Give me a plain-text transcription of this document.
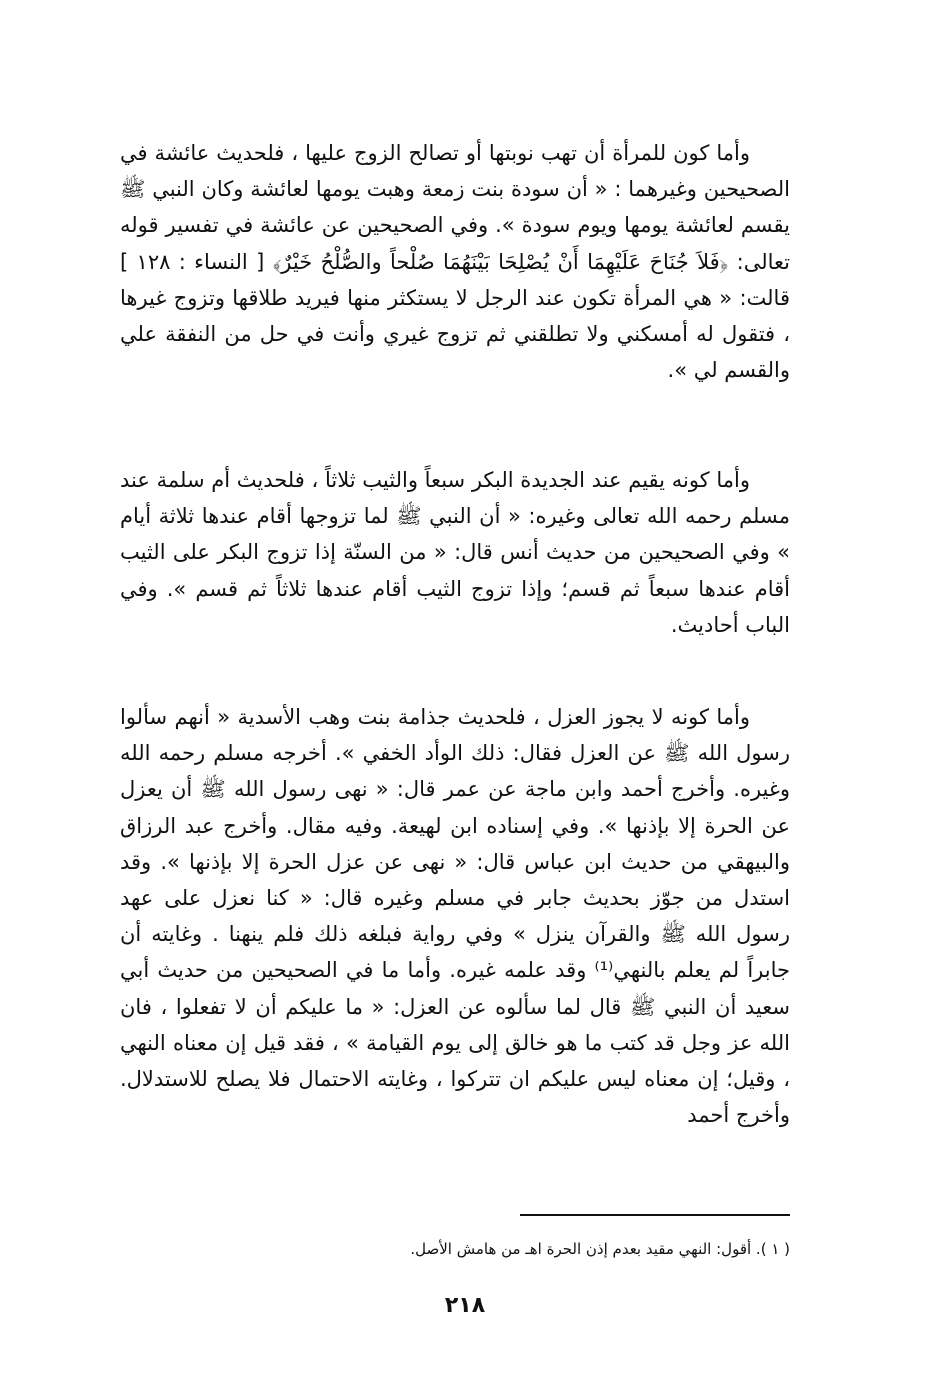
وأما كون للمرأة أن تهب نوبتها أو تصالح الزوج عليها ، فلحديث عائشة في الصحيحين وغيرهما : « أن سودة بنت زمعة وهبت يومها لعائشة وكان النبي ﷺ يقسم لعائشة يومها ويوم سودة ». وفي الصحيحين عن عائشة في تفسير قوله تعالى: ﴿فَلاَ جُنَاحَ عَلَيْهِمَا أَنْ يُصْلِحَا بَيْنَهُمَا صُلْحاً والصُّلْحُ خَيْرٌ﴾ [ النساء : ١٢٨ ] قالت: « هي المرأة تكون عند الرجل لا يستكثر منها فيريد طلاقها وتزوج غيرها ، فتقول له أمسكني ولا تطلقني ثم تزوج غيري وأنت في حل من النفقة علي والقسم لي ».

وأما كونه يقيم عند الجديدة البكر سبعاً والثيب ثلاثاً ، فلحديث أم سلمة عند مسلم رحمه الله تعالى وغيره: « أن النبي ﷺ لما تزوجها أقام عندها ثلاثة أيام » وفي الصحيحين من حديث أنس قال: « من السنّة إذا تزوج البكر على الثيب أقام عندها سبعاً ثم قسم؛ وإذا تزوج الثيب أقام عندها ثلاثاً ثم قسم ». وفي الباب أحاديث.

وأما كونه لا يجوز العزل ، فلحديث جذامة بنت وهب الأسدية « أنهم سألوا رسول الله ﷺ عن العزل فقال: ذلك الوأد الخفي ». أخرجه مسلم رحمه الله وغيره. وأخرج أحمد وابن ماجة عن عمر قال: « نهى رسول الله ﷺ أن يعزل عن الحرة إلا بإذنها ». وفي إسناده ابن لهيعة. وفيه مقال. وأخرج عبد الرزاق والبيهقي من حديث ابن عباس قال: « نهى عن عزل الحرة إلا بإذنها ». وقد استدل من جوّز بحديث جابر في مسلم وغيره قال: « كنا نعزل على عهد رسول الله ﷺ والقرآن ينزل » وفي رواية فبلغه ذلك فلم ينهنا . وغايته أن جابراً لم يعلم بالنهي⁽¹⁾ وقد علمه غيره. وأما ما في الصحيحين من حديث أبي سعيد أن النبي ﷺ قال لما سألوه عن العزل: « ما عليكم أن لا تفعلوا ، فان الله عز وجل قد كتب ما هو خالق إلى يوم القيامة » ، فقد قيل إن معناه النهي ، وقيل؛ إن معناه ليس عليكم ان تتركوا ، وغايته الاحتمال فلا يصلح للاستدلال. وأخرج أحمد

( ١ ). أقول: النهي مقيد بعدم إذن الحرة اهـ من هامش الأصل.
٢١٨
